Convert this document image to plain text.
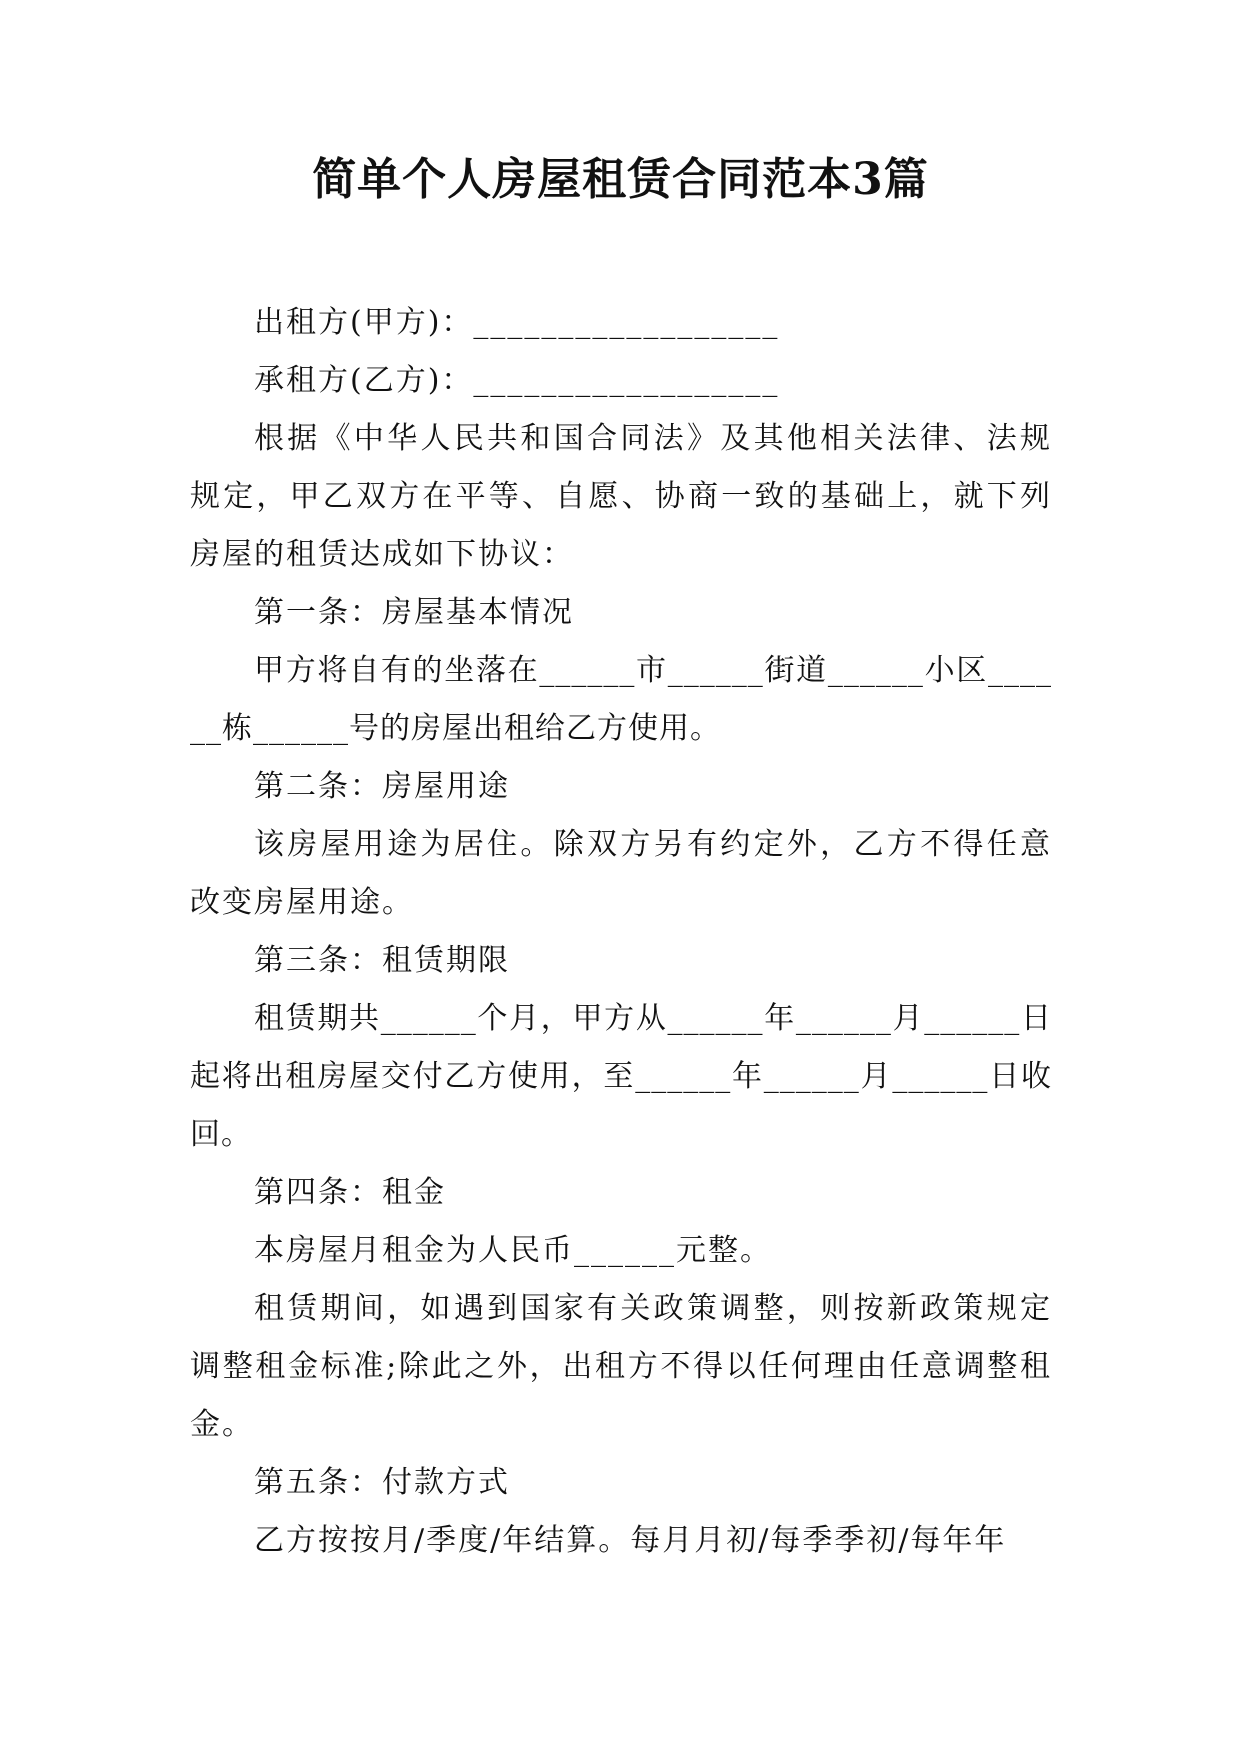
简单个人房屋租赁合同范本3篇

出租方(甲方)：__________________

承租方(乙方)：__________________

根据《中华人民共和国合同法》及其他相关法律、法规规定，甲乙双方在平等、自愿、协商一致的基础上，就下列房屋的租赁达成如下协议：

第一条：房屋基本情况

甲方将自有的坐落在______市______街道______小区______栋______号的房屋出租给乙方使用。

第二条：房屋用途

该房屋用途为居住。除双方另有约定外，乙方不得任意改变房屋用途。

第三条：租赁期限

租赁期共______个月，甲方从______年______月______日起将出租房屋交付乙方使用，至______年______月______日收回。

第四条：租金

本房屋月租金为人民币______元整。

租赁期间，如遇到国家有关政策调整，则按新政策规定调整租金标准;除此之外，出租方不得以任何理由任意调整租金。

第五条：付款方式

乙方按按月/季度/年结算。每月月初/每季季初/每年年
